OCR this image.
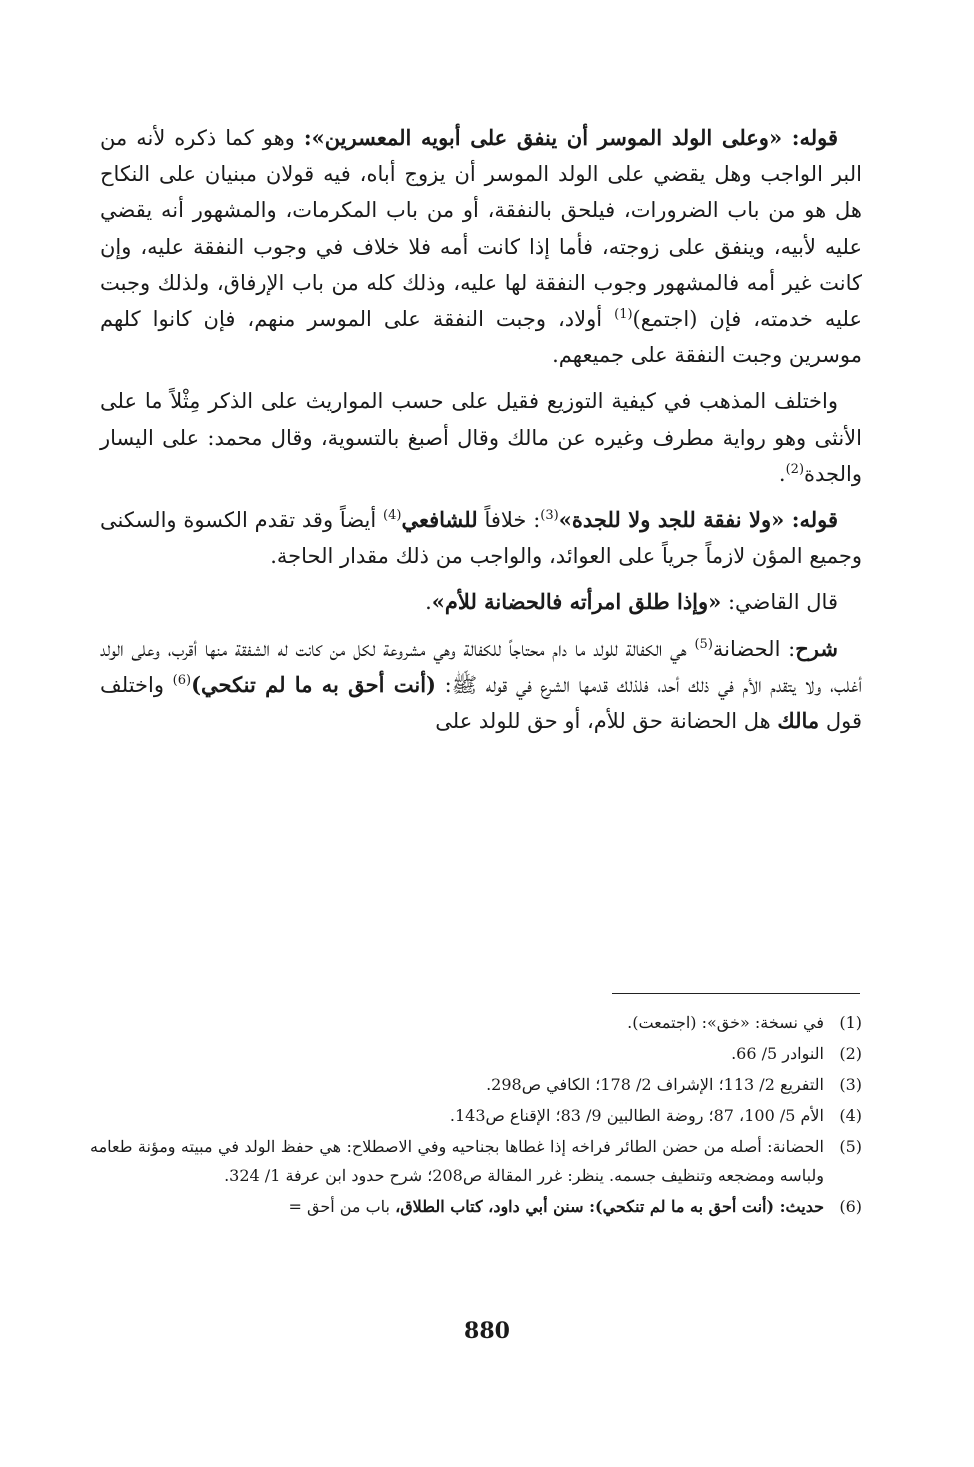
قوله: «وعلى الولد الموسر أن ينفق على أبويه المعسرين»: وهو كما ذكره لأنه من البر الواجب وهل يقضي على الولد الموسر أن يزوج أباه، فيه قولان مبنيان على النكاح هل هو من باب الضرورات، فيلحق بالنفقة، أو من باب المكرمات، والمشهور أنه يقضي عليه لأبيه، وينفق على زوجته، فأما إذا كانت أمه فلا خلاف في وجوب النفقة عليه، وإن كانت غير أمه فالمشهور وجوب النفقة لها عليه، وذلك كله من باب الإرفاق، ولذلك وجبت عليه خدمته، فإن (اجتمع)$^{(1)}$ أولاد، وجبت النفقة على الموسر منهم، فإن كانوا كلهم موسرين وجبت النفقة على جميعهم.

واختلف المذهب في كيفية التوزيع فقيل على حسب المواريث على الذكر مِثْلاً ما على الأنثى وهو رواية مطرف وغيره عن مالك وقال أصبغ بالتسوية، وقال محمد: على اليسار والجدة$^{(2)}$.

قوله: «ولا نفقة للجد ولا للجدة»$^{(3)}$: خلافاً للشافعي$^{(4)}$ أيضاً وقد تقدم الكسوة والسكنى وجميع المؤن لازماً جرياً على العوائد، والواجب من ذلك مقدار الحاجة.

قال القاضي: «وإذا طلق امرأته فالحضانة للأم».

شرح: الحضانة$^{(5)}$ هي الكفالة للولد ما دام محتاجاً للكفالة وهي مشروعة لكل من كانت له الشفقة منها أقرب، وعلى الولد أغلب، ولا يتقدم الأم في ذلك أحد، فلذلك قدمها الشرع في قوله ﷺ: (أنت أحق به ما لم تنكحي)$^{(6)}$ واختلف قول مالك هل الحضانة حق للأم، أو حق للولد على

(1)
في نسخة: «خق»: (اجتمعت).
(2)
النوادر 5/ 66.
(3)
التفريع 2/ 113؛ الإشراف 2/ 178؛ الكافي ص298.
(4)
الأم 5/ 100، 87؛ روضة الطالبين 9/ 83؛ الإقناع ص143.
(5)
الحضانة: أصله من حضن الطائر فراخه إذا غطاها بجناحيه وفي الاصطلاح: هي حفظ الولد في مبيته ومؤنة طعامه ولباسه ومضجعه وتنظيف جسمه. ينظر: غرر المقالة ص208؛ شرح حدود ابن عرفة 1/ 324.
(6)
حديث: (أنت أحق به ما لم تنكحي): سنن أبي داود، كتاب الطلاق، باب من أحق =
880
